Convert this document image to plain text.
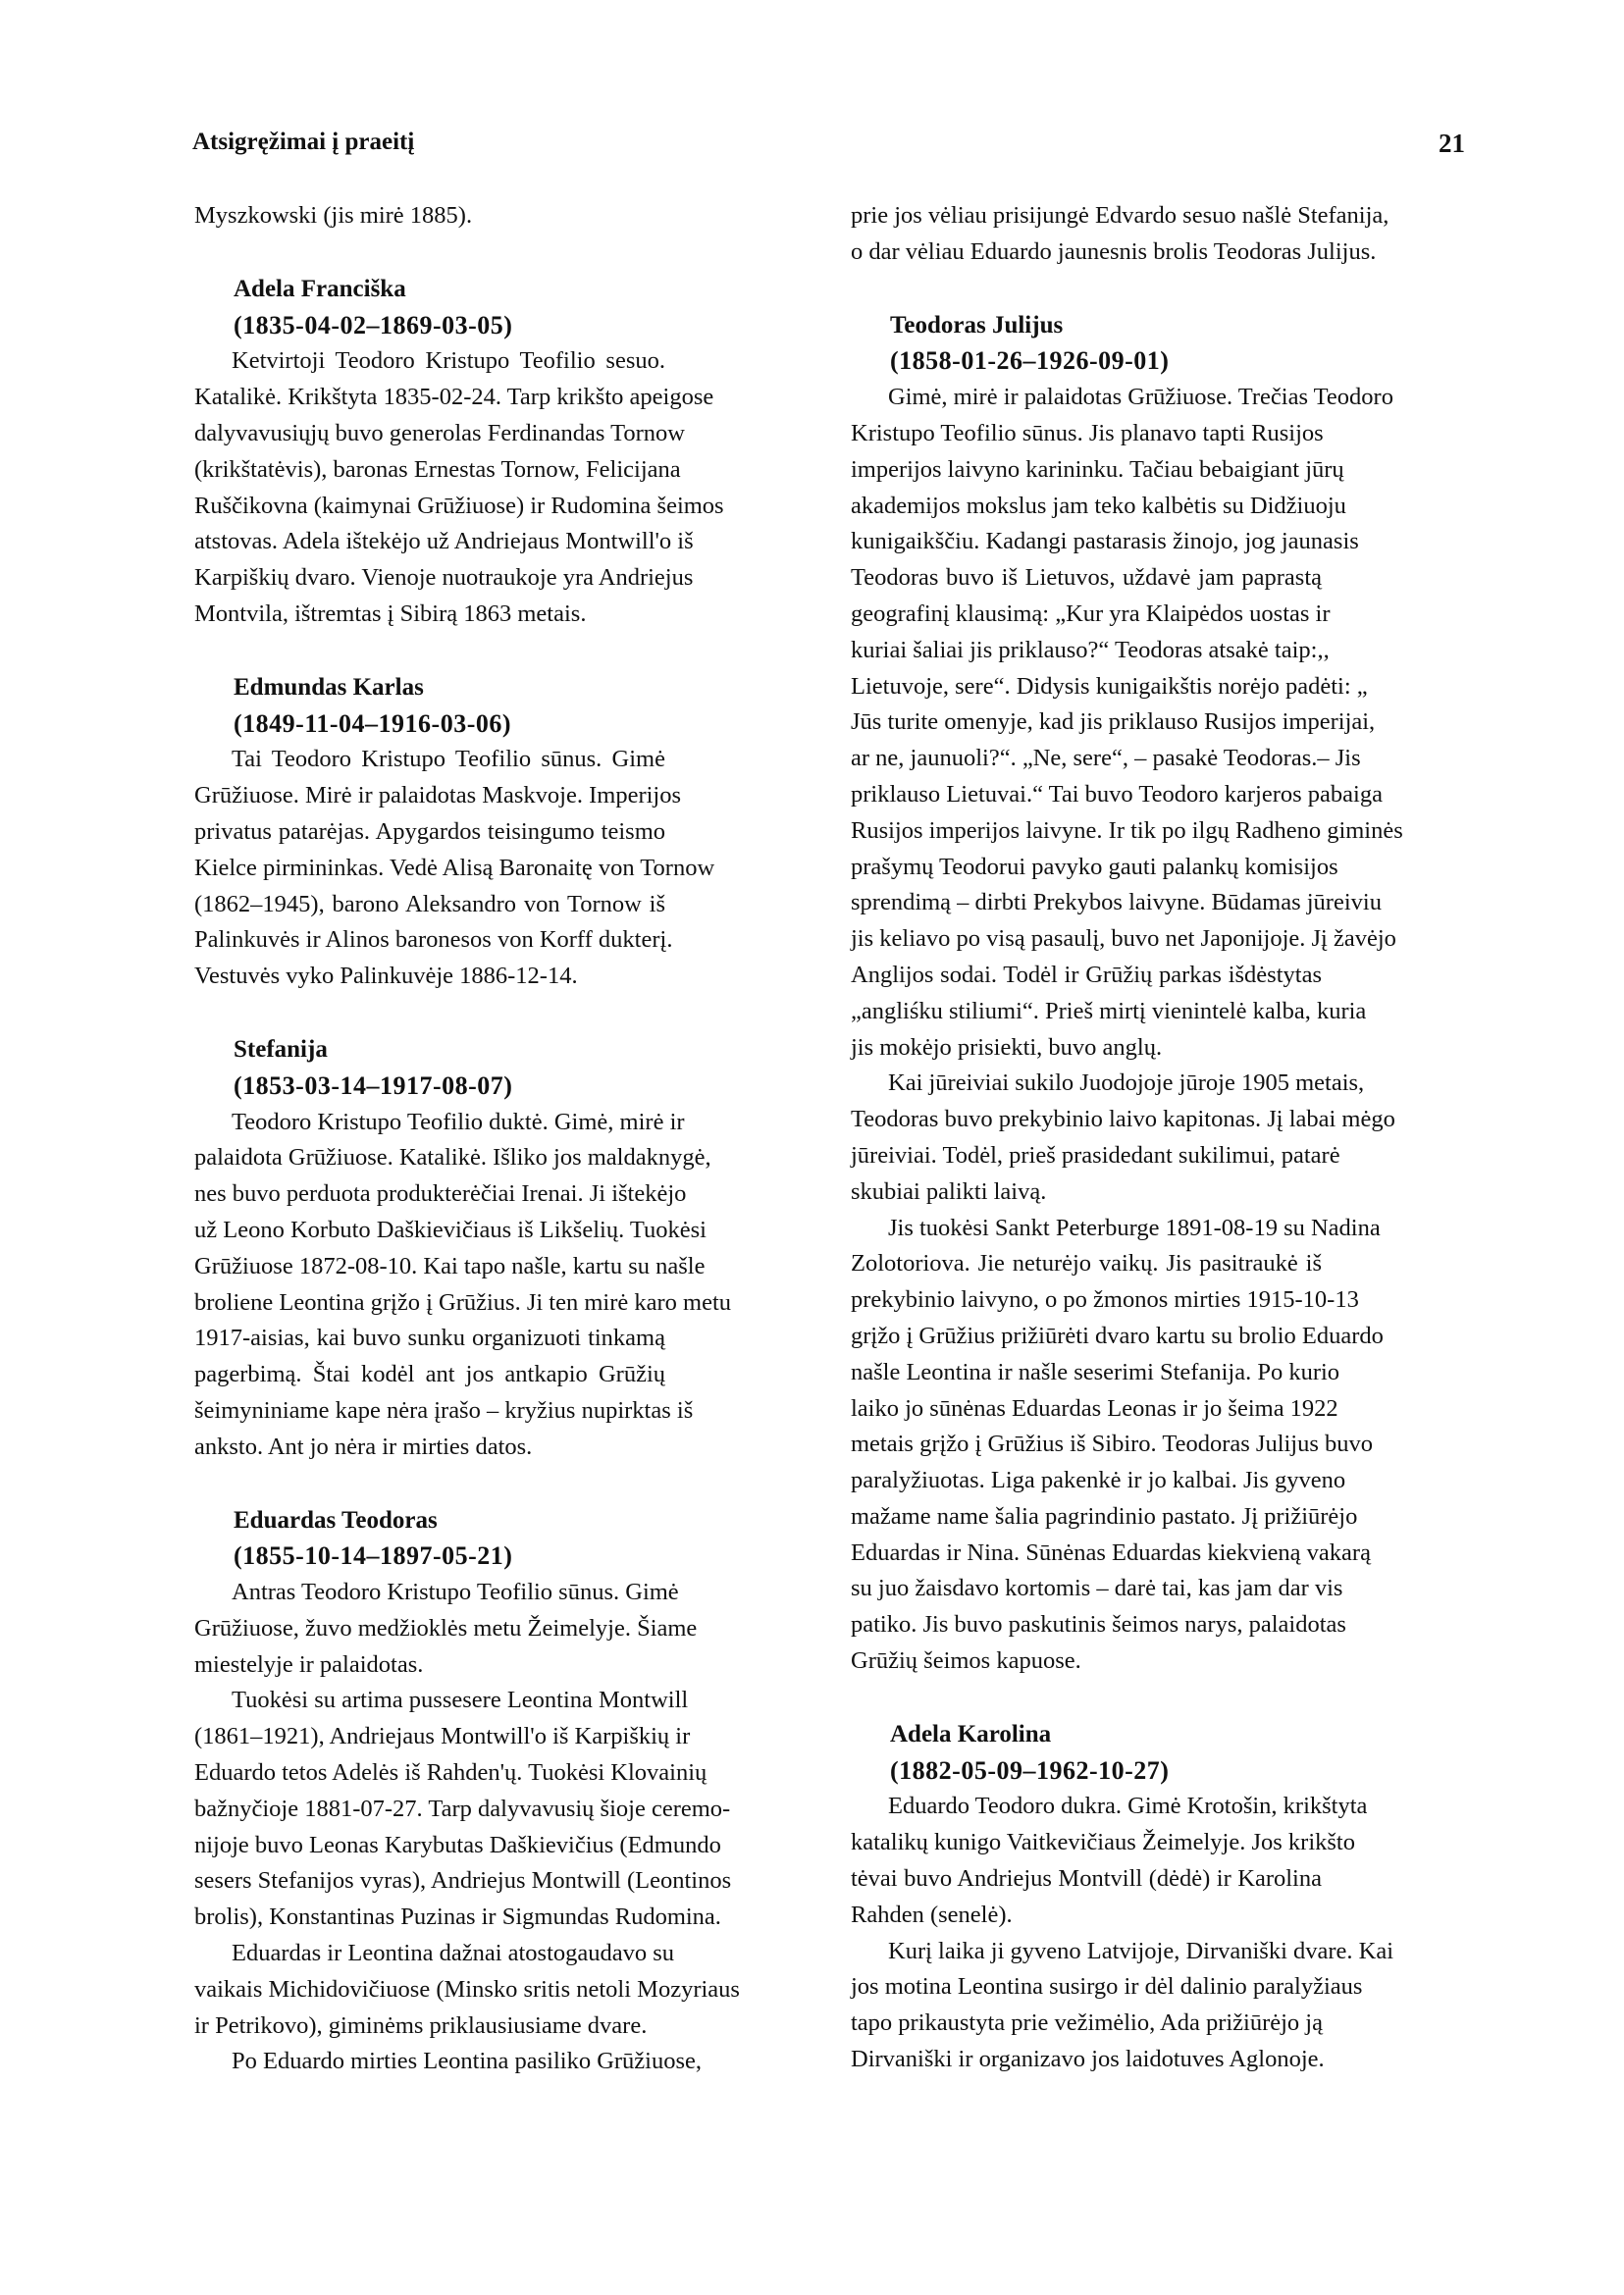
Atsigręžimai į praeitį	21
Myszkowski (jis mirė 1885).
Adela Franciška
(1835-04-02–1869-03-05)
Ketvirtoji Teodoro Kristupo Teofilio sesuo.
Katalikė. Krikštyta 1835-02-24. Tarp krikšto apeigose
dalyvavusiųjų buvo generolas Ferdinandas Tornow
(krikštatėvis), baronas Ernestas Tornow, Felicijana
Ruščikovna (kaimynai Grūžiuose) ir Rudomina šeimos
atstovas. Adela ištekėjo už Andriejaus Montwill'o iš
Karpiškių dvaro. Vienoje nuotraukoje yra Andriejus
Montvila, ištremtas į Sibirą 1863 metais.
Edmundas Karlas
(1849-11-04–1916-03-06)
Tai Teodoro Kristupo Teofilio sūnus. Gimė
Grūžiuose. Mirė ir palaidotas Maskvoje. Imperijos
privatus patarėjas. Apygardos teisingumo teismo
Kielce pirmininkas. Vedė Alisą Baronaitę von Tornow
(1862–1945), barono Aleksandro von Tornow iš
Palinkuvės ir Alinos baronesos von Korff dukterį.
Vestuvės vyko Palinkuvėje 1886-12-14.
Stefanija
(1853-03-14–1917-08-07)
Teodoro Kristupo Teofilio duktė. Gimė, mirė ir
palaidota Grūžiuose. Katalikė. Išliko jos maldaknygė,
nes buvo perduota produkterėčiai Irenai. Ji ištekėjo
už Leono Korbuto Daškievičiaus iš Likšelių. Tuokėsi
Grūžiuose 1872-08-10. Kai tapo našle, kartu su našle
broliene Leontina grįžo į Grūžius. Ji ten mirė karo metu
1917-aisias, kai buvo sunku organizuoti tinkamą
pagerbimą. Štai kodėl ant jos antkapio Grūžių
šeimyniniame kape nėra įrašo – kryžius nupirktas iš
anksto. Ant jo nėra ir mirties datos.
Eduardas Teodoras
(1855-10-14–1897-05-21)
Antras Teodoro Kristupo Teofilio sūnus. Gimė
Grūžiuose, žuvo medžioklės metu Žeimelyje. Šiame
miestelyje ir palaidotas.
Tuokėsi su artima pussesere Leontina Montwill
(1861–1921), Andriejaus Montwill'o iš Karpiškių ir
Eduardo tetos Adelės iš Rahden'ų. Tuokėsi Klovainių
bažnyčioje 1881-07-27. Tarp dalyvavusių šioje ceremo-
nijoje buvo Leonas Karybutas Daškievičius (Edmundo
sesers Stefanijos vyras), Andriejus Montwill (Leontinos
brolis), Konstantinas Puzinas ir Sigmundas Rudomina.
Eduardas ir Leontina dažnai atostogaudavo su
vaikais Michidovičiuose (Minsko sritis netoli Mozyriaus
ir Petrikovo), giminėms priklausiusiame dvare.
Po Eduardo mirties Leontina pasiliko Grūžiuose,
prie jos vėliau prisijungė Edvardo sesuo našlė Stefanija,
o dar vėliau Eduardo jaunesnis brolis Teodoras Julijus.
Teodoras Julijus
(1858-01-26–1926-09-01)
Gimė, mirė ir palaidotas Grūžiuose. Trečias Teodoro
Kristupo Teofilio sūnus. Jis planavo tapti Rusijos
imperijos laivyno karininku. Tačiau bebaigiant jūrų
akademijos mokslus jam teko kalbėtis su Didžiuoju
kunigaikščiu. Kadangi pastarasis žinojo, jog jaunasis
Teodoras buvo iš Lietuvos, uždavė jam paprastą
geografinį klausimą: „Kur yra Klaipėdos uostas ir
kuriai šaliai jis priklauso?“ Teodoras atsakė taip:,,
Lietuvoje, sere“. Didysis kunigaikštis norėjo padėti: „
Jūs turite omenyje, kad jis priklauso Rusijos imperijai,
ar ne, jaunuoli?“. „Ne, sere“, – pasakė Teodoras.– Jis
priklauso Lietuvai.“ Tai buvo Teodoro karjeros pabaiga
Rusijos imperijos laivyne. Ir tik po ilgų Radheno giminės
prašymų Teodorui pavyko gauti palankų komisijos
sprendimą – dirbti Prekybos laivyne. Būdamas jūreiviu
jis keliavo po visą pasaulį, buvo net Japonijoje. Jį žavėjo
Anglijos sodai. Todėl ir Grūžių parkas išdėstytas
„angliśku stiliumi“. Prieš mirtį vienintelė kalba, kuria
jis mokėjo prisiekti, buvo anglų.
Kai jūreiviai sukilo Juodojoje jūroje 1905 metais,
Teodoras buvo prekybinio laivo kapitonas. Jį labai mėgo
jūreiviai. Todėl, prieš prasidedant sukilimui, patarė
skubiai palikti laivą.
Jis tuokėsi Sankt Peterburge 1891-08-19 su Nadina
Zolotoriova. Jie neturėjo vaikų. Jis pasitraukė iš
prekybinio laivyno, o po žmonos mirties 1915-10-13
grįžo į Grūžius prižiūrėti dvaro kartu su brolio Eduardo
našle Leontina ir našle seserimi Stefanija. Po kurio
laiko jo sūnėnas Eduardas Leonas ir jo šeima 1922
metais grįžo į Grūžius iš Sibiro. Teodoras Julijus buvo
paralyžiuotas. Liga pakenkė ir jo kalbai. Jis gyveno
mažame name šalia pagrindinio pastato. Jį prižiūrėjo
Eduardas ir Nina. Sūnėnas Eduardas kiekvieną vakarą
su juo žaisdavo kortomis – darė tai, kas jam dar vis
patiko. Jis buvo paskutinis šeimos narys, palaidotas
Grūžių šeimos kapuose.
Adela Karolina
(1882-05-09–1962-10-27)
Eduardo Teodoro dukra. Gimė Krotošin, krikštyta
katalikų kunigo Vaitkevičiaus Žeimelyje. Jos krikšto
tėvai buvo Andriejus Montvill (dėdė) ir Karolina
Rahden (senelė).
Kurį laika ji gyveno Latvijoje, Dirvaniški dvare. Kai
jos motina Leontina susirgo ir dėl dalinio paralyžiaus
tapo prikaustyta prie vežimėlio, Ada prižiūrėjo ją
Dirvaniški ir organizavo jos laidotuves Aglonoje.
